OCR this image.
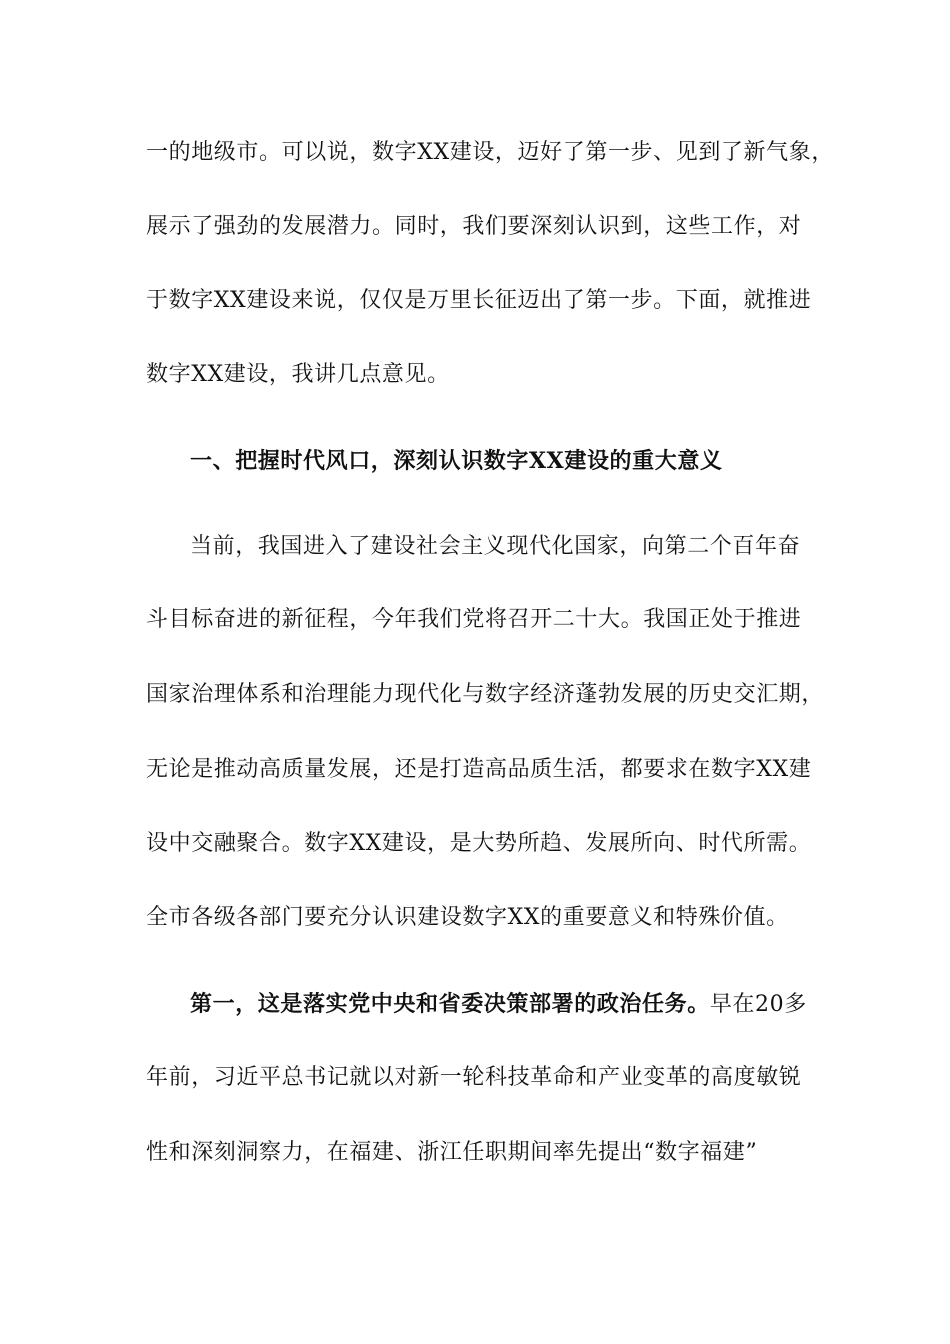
一的地级市。可以说，数字XX建设，迈好了第一步、见到了新气象，
展示了强劲的发展潜力。同时，我们要深刻认识到，这些工作，对
于数字XX建设来说，仅仅是万里长征迈出了第一步。下面，就推进
数字XX建设，我讲几点意见。
一、把握时代风口，深刻认识数字XX建设的重大意义
当前，我国进入了建设社会主义现代化国家，向第二个百年奋
斗目标奋进的新征程，今年我们党将召开二十大。我国正处于推进
国家治理体系和治理能力现代化与数字经济蓬勃发展的历史交汇期，
无论是推动高质量发展，还是打造高品质生活，都要求在数字XX建
设中交融聚合。数字XX建设，是大势所趋、发展所向、时代所需。
全市各级各部门要充分认识建设数字XX的重要意义和特殊价值。
第一，这是落实党中央和省委决策部署的政治任务。早在20多
年前，习近平总书记就以对新一轮科技革命和产业变革的高度敏锐
性和深刻洞察力，在福建、浙江任职期间率先提出“数字福建”
